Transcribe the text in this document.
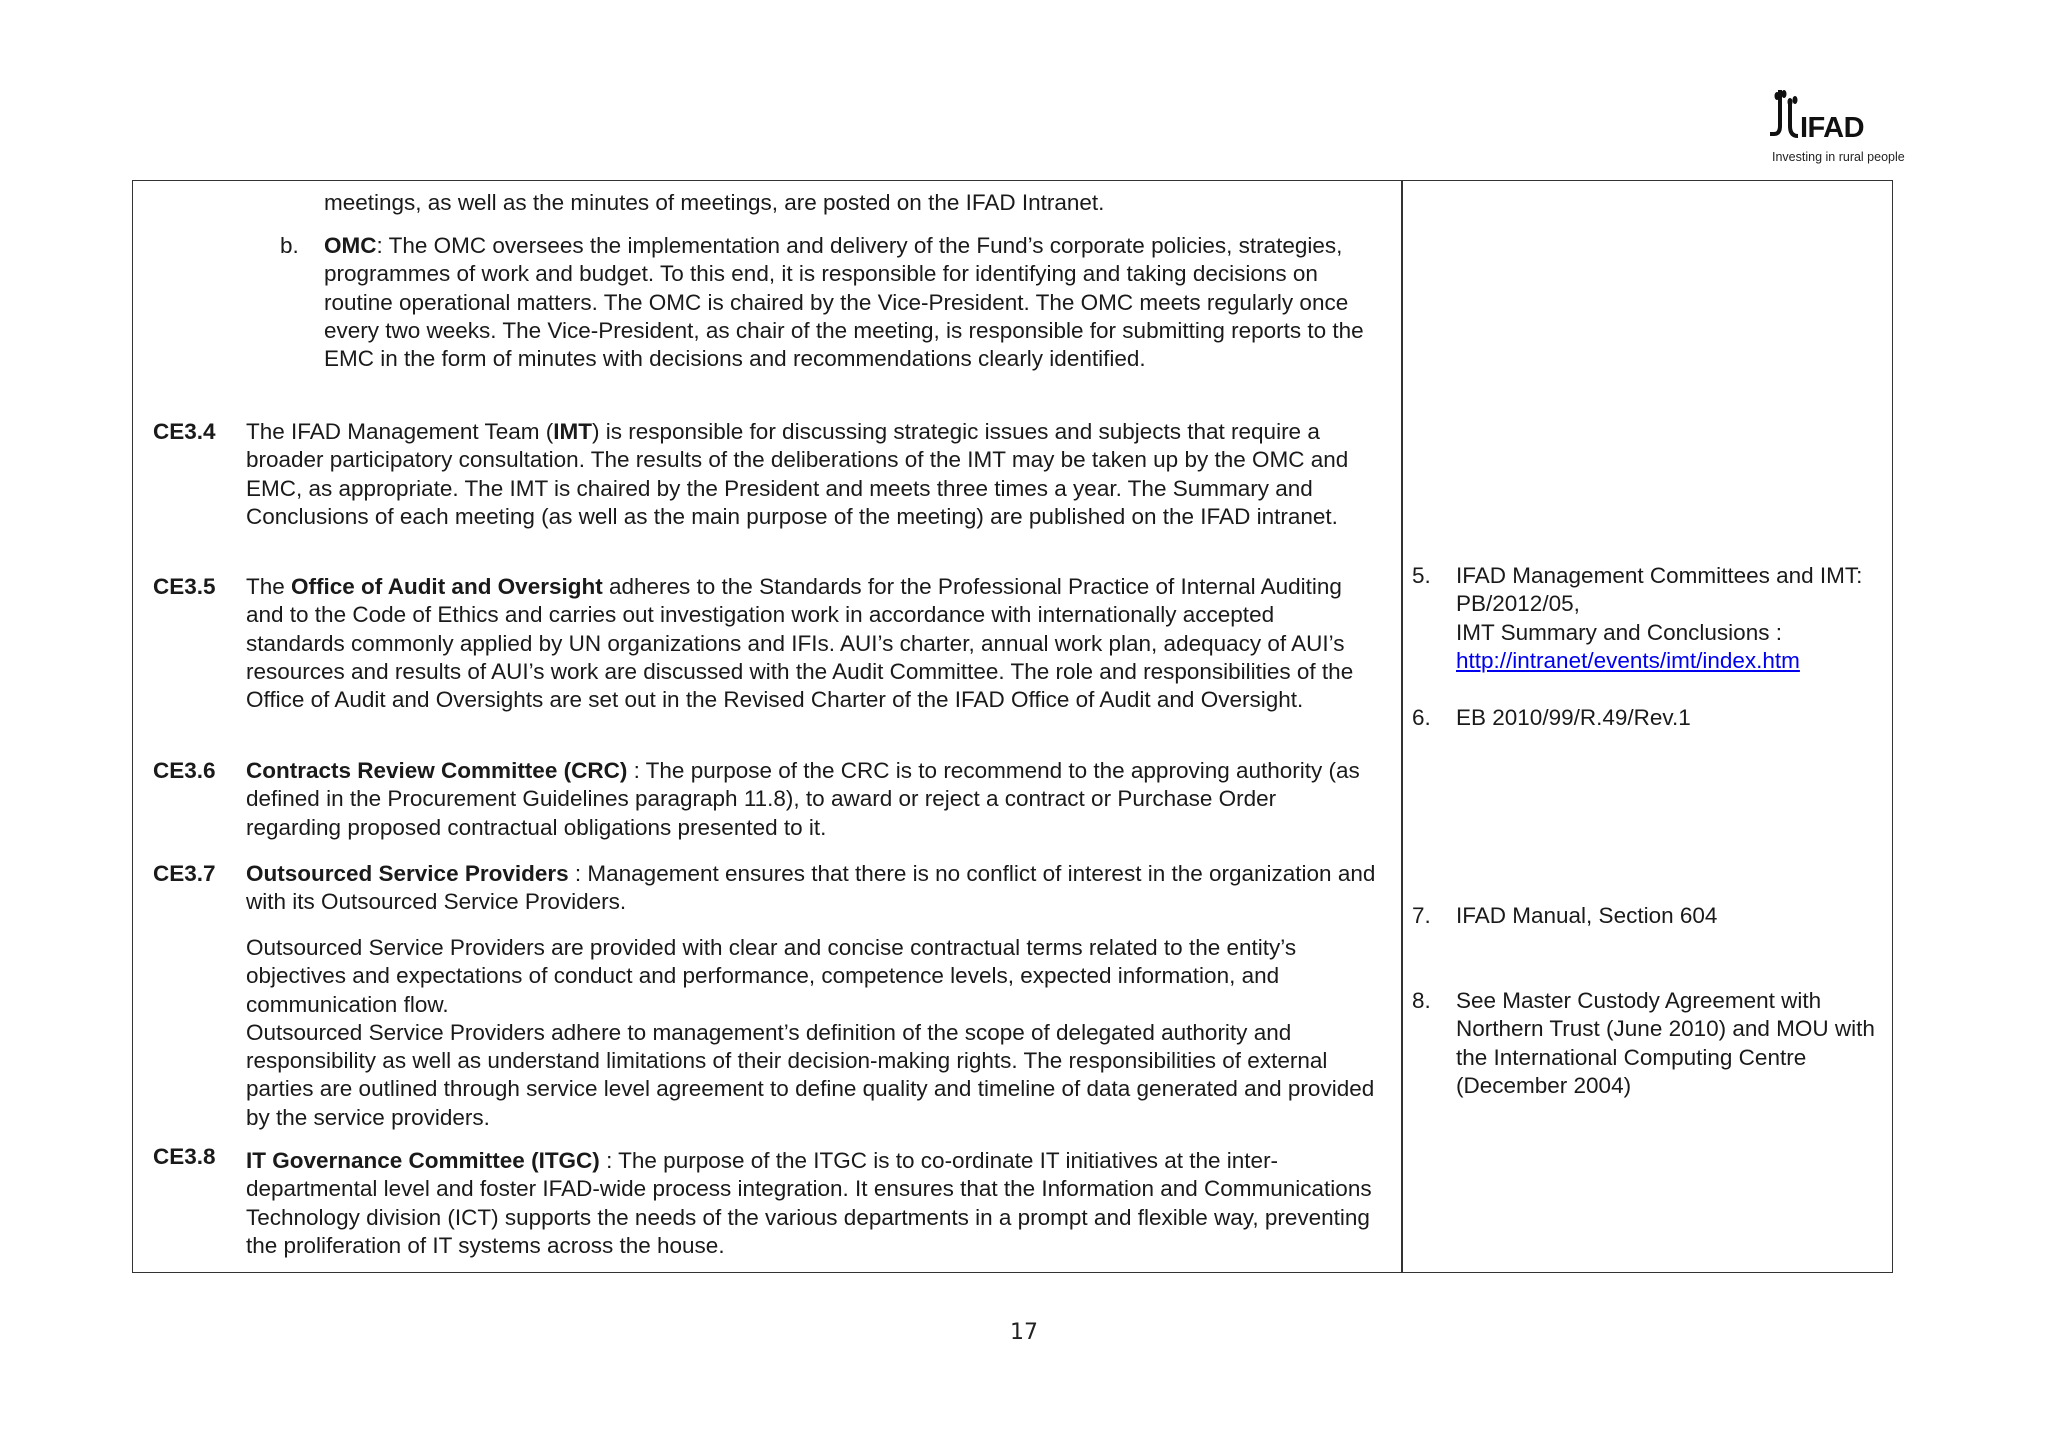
IFAD
Investing in rural people
meetings, as well as the minutes of meetings, are posted on the IFAD Intranet.
b. OMC: The OMC oversees the implementation and delivery of the Fund’s corporate policies, strategies, programmes of work and budget. To this end, it is responsible for identifying and taking decisions on routine operational matters. The OMC is chaired by the Vice-President. The OMC meets regularly once every two weeks. The Vice-President, as chair of the meeting, is responsible for submitting reports to the EMC in the form of minutes with decisions and recommendations clearly identified.
CE3.4 The IFAD Management Team (IMT) is responsible for discussing strategic issues and subjects that require a broader participatory consultation. The results of the deliberations of the IMT may be taken up by the OMC and EMC, as appropriate. The IMT is chaired by the President and meets three times a year. The Summary and Conclusions of each meeting (as well as the main purpose of the meeting) are published on the IFAD intranet.
CE3.5 The Office of Audit and Oversight adheres to the Standards for the Professional Practice of Internal Auditing and to the Code of Ethics and carries out investigation work in accordance with internationally accepted standards commonly applied by UN organizations and IFIs. AUI’s charter, annual work plan, adequacy of AUI’s resources and results of AUI’s work are discussed with the Audit Committee. The role and responsibilities of the Office of Audit and Oversights are set out in the Revised Charter of the IFAD Office of Audit and Oversight.
CE3.6 Contracts Review Committee (CRC) : The purpose of the CRC is to recommend to the approving authority (as defined in the Procurement Guidelines paragraph 11.8), to award or reject a contract or Purchase Order regarding proposed contractual obligations presented to it.
CE3.7 Outsourced Service Providers : Management ensures that there is no conflict of interest in the organization and with its Outsourced Service Providers.

Outsourced Service Providers are provided with clear and concise contractual terms related to the entity’s objectives and expectations of conduct and performance, competence levels, expected information, and communication flow.

Outsourced Service Providers adhere to management’s definition of the scope of delegated authority and responsibility as well as understand limitations of their decision-making rights. The responsibilities of external parties are outlined through service level agreement to define quality and timeline of data generated and provided by the service providers.

CE3.8 IT Governance Committee (ITGC) : The purpose of the ITGC is to co-ordinate IT initiatives at the inter-departmental level and foster IFAD-wide process integration. It ensures that the Information and Communications Technology division (ICT) supports the needs of the various departments in a prompt and flexible way, preventing the proliferation of IT systems across the house.
5. IFAD Management Committees and IMT: PB/2012/05,
IMT Summary and Conclusions :
http://intranet/events/imt/index.htm
6. EB 2010/99/R.49/Rev.1
7. IFAD Manual, Section 604
8. See Master Custody Agreement with Northern Trust (June 2010) and MOU with the International Computing Centre (December 2004)
17
